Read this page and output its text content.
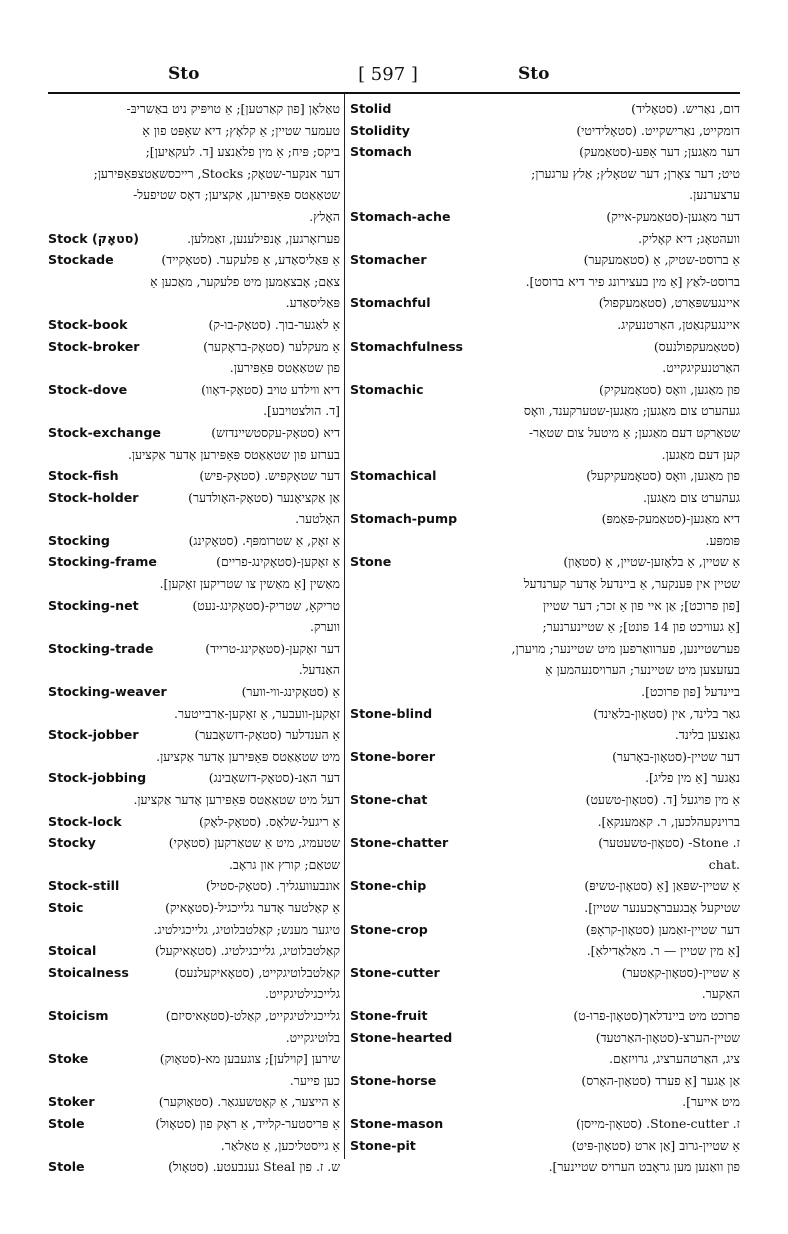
Sto	[ 597 ]	Sto
טאַלאָן [פון קאַרטען]; אַ טויפּיק ניט באַשריבּ-
טעמער שטיין; אַ קלאָץ; דיא שאָפּט פון אַ
ביקס; פּיח; אַ מין פלאַנצע [ד. לעקאַיען];
דער אנקער-שטאָק; Stocks, רייכסשאַטצפּאַפּירען;
שטאַאַטס פּאַפּירען, אַקציען; דאָס שטיפעל-
האָלץ.
Stock (סטאָק)	פערזאָרגען, אָנפילענען, זאַמלען.
Stockade	אַ פּאַליסאַדע, אַ פלעקער. (סטאָקייד)
צאַם; אָבצאַמען מיט פלעקער, מאַכען אַ
פּאַליסאַדע.
Stock-book	אַ לאַגער-בוך. (סטאָק-בו-ק)
Stock-broker	אַ מעקלער (סטאָק-בראָקער)
פון שטאַאַטס פּאַפּירען.
Stock-dove	דיא ווילדע טויב (סטאָק-דאָוו)
[ד. הולצטויבע].
Stock-exchange	דיא (סטאָק-עקסטשיינדזש)
בערזע פון שטאַאַטס פּאַפּירען אָדער אַקציען.
Stock-fish	דער שטאָקפיש. (סטאָק-פיש)
Stock-holder	אַן אַקציאָנער (סטאָק-האָולדער)
האָלטער.
Stocking	אַ זאָק, אַ שטרומפּף. (סטאָקינג)
Stocking-frame	אַ זאָקען-(סטאָקינג-פריים)
מאַשין [אַ מאַשין צו שטריקען זאָקען].
Stocking-net	טריקאָ, שטריק-(סטאָקינג-נעט)
ווערק.
Stocking-trade	דער זאָקען-(סטאָקינג-טרייד)
האַנדעל.
Stocking-weaver	אַ (סטאָקינג-ווי-ווער)
זאָקען-וועבער, אַ זאָקען-אַרבייטער.
Stock-jobber	אַ הענדלער (סטאָק-דזשאָבער)
מיט שטאַאַטס פּאַפּירען אָדער אַקציען.
Stock-jobbing	דער האַנ-(סטאָק-דזשאָבינג)
דעל מיט שטאַאַטס פּאַפּירען אָדער אַקציען.
Stock-lock	אַ ריגעל-שלאָס. (סטאָק-לאָק)
Stocky	שטעמיג, מיט אַ שטאַרקען (סטאָקי)
שטאַם; קורץ און גראָב.
Stock-still	אונבעוועגליך. (סטאָק-סטיל)
Stoic	אַ קאַלטער אָדער גלייכגיל-(סטאָאיק)
טיגער מענש; קאַלטבלוטיג, גלייכגילטיג.
Stoical	קאַלטבלוטיג, גלייכגילטיג. (סטאָאיקעל)
Stoicalness	קאַלטבלוטיגקייט, (סטאָאיקעלנעס)
גלייכגילטיגקייט.
Stoicism	גלייכגילטיגקייט, קאַלט-(סטאָאיסיזם)
בלוטיגקייט.
Stoke	שירען [קוילען]; צוגעבען מא-(סטאָוק)
כען פייער.
Stoker	אַ הייצער, אַ קאָטשעגאַר. (סטאָוקער)
Stole	אַ פּריסטער-קלייד, אַ ראָק פון (סטאָול)
אַ גייסטליכען, אַ טאַלאַר.
Stole	ש. ז. פון Steal גענבעטע. (סטאָול)
Stolid	דום, נאַריש. (סטאָליד)
Stolidity	דומקייט, נאַרישקייט. (סטאָלידיטי)
Stomach	דער מאַגען; דער אַפּע-(סטאַמעק)
טיט; דער צאָרן; דער שטאָלץ; אַלץ ערגערן;
ערצערנען.
Stomach-ache	דער מאַגען-(סטאַמעק-אייק)
וועהטאָג; דיא קאָליק.
Stomacher	אַ ברוסט-שטיק, אַ (סטאַמעקער)
ברוסט-לאַץ [אַ מין בעצירונג פיר דיא ברוסט].
Stomachful	איינגעשפּאַרט, (סטאַמעקפול)
איינגעקנאַטן, האַרטנעקיג.
Stomachfulness	(סטאַמעקפולנעס)
האַרטנעקיגקייט.
Stomachic	פון מאַגען, וואָס (סטאָמעקיק)
געהערט צום מאַגען; מאַגען-שטערקענד, וואָס
שטאַרקט דעם מאַגען; אַ מיטעל צום שטאַר-
קען דעם מאַגען.
Stomachical	פון מאַגען, וואָס (סטאָמעקיקעל)
געהערט צום מאַגען.
Stomach-pump	דיא מאַגען-(סטאַמעק-פּאַמפּ)
פּומפּע.
Stone	אַ שטיין, אַ בלאָזען-שטיין, אַ (סטאָון)
שטיין אין פּענקער, אַ ביינדעל אָדער קערנדעל
[פון פרוכט]; אַן איי פון אַ זכר; דער שטיין
[אַ געוויכט פון 14 פונט]; אַ שטיינערנער;
פערשטיינען, פערוואַרפען מיט שטיינער; מויערן,
בעזעצען מיט שטיינער; הערויסנעהמען אַ
ביינדעל [פון פרוכט].
Stone-blind	גאַר בלינד, אין (סטאָון-בלאַינד)
גאַנצען בלינד.
Stone-borer	דער שטיין-(סטאָון-באָרער)
נאַגער [אַ מין פליג].
Stone-chat	אַ מין פויגעל [ד. (סטאָון-טשעט)
ברוינקעהלכען, ר. קאַמענקאַ].
Stone-chatter	ז. Stone- (סטאָון-טשעטער)
chat.
Stone-chip	אַ שטיין-שפּאַן [אַ (סטאָון-טשיפּ)
שטיקעל אָבגעבראָכענער שטיין].
Stone-crop	דער שטיין-זאַמען (סטאָון-קראָפּ)
[אַ מין שטיין — ר. מאַלאַדילאַ].
Stone-cutter	אַ שטיין-(סטאָון-קאַטער)
האַקער.
Stone-fruit	פרוכט מיט ביינדלאך(סטאָון-פרו-ט)
Stone-hearted	שטיין-הערצ-(סטאָון-האַרטעד)
ציג, האַרטהערציג, גרויזאַם.
Stone-horse	אַן אַגער [אַ פערד (סטאָון-האָרס)
מיט אייער].
Stone-mason	ז. Stone-cutter. (סטאָון-מייסן)
Stone-pit	אַ שטיין-גרוב [אַן ארט (סטאָון-פּיט)
פון וואַנען מען גראָבט הערויס שטיינער].
